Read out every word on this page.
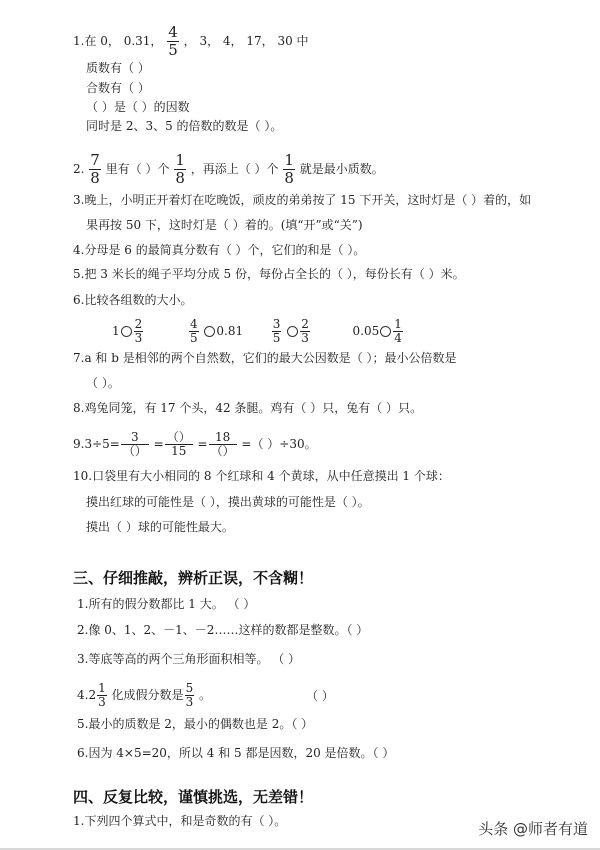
1.在 0， 0.31， $\frac{4}{5}$ ， 3， 4， 17， 30 中
质数有（ ）
合数有（ ）
（ ）是（ ）的因数
同时是 2、3、5 的倍数的数是（ ）。
2. $\frac{7}{8}$ 里有（ ）个 $\frac{1}{8}$ ，再添上（ ）个 $\frac{1}{8}$ 就是最小质数。
3.晚上，小明正开着灯在吃晚饭，顽皮的弟弟按了 15 下开关，这时灯是（ ）着的，如
果再按 50 下，这时灯是（ ）着的。(填“开”或“关”)
4.分母是 6 的最简真分数有（ ）个，它们的和是（ ）。
5.把 3 米长的绳子平均分成 5 份，每份占全长的（ ），每份长有（ ）米。
6.比较各组数的大小。
$1 \frac{2}{3}$
	$\frac{4}{5} 0.81 \frac{3}{5}$
$\frac{2}{3}$	$0.05 \frac{1}{4}$
7.a 和 b 是相邻的两个自然数，它们的最大公因数是（ ）；最小公倍数是
（ ）。
8.鸡兔同笼，有 17 个头，42 条腿。鸡有（ ）只，兔有（ ）只。
$9.3\div 5= \frac{3}{()} = \frac{()}{15} = \frac{18}{()}$ =（ ）÷30。
10.口袋里有大小相同的 8 个红球和 4 个黄球，从中任意摸出 1 个球：
摸出红球的可能性是（ ），摸出黄球的可能性是（ ）。
摸出（ ）球的可能性最大。
三、仔细推敲，辨析正误，不含糊！
1.所有的假分数都比 1 大。 （ ）
2.像 0、1、2、－1、－2……这样的数都是整数。（ ）
3.等底等高的两个三角形面积相等。 （ ）
$4.2 \frac{1}{3}$ 化成假分数是 $\frac{5}{3}$ 。	（ ）
5.最小的质数是 2，最小的偶数也是 2。（ ）
6.因为 4×5=20，所以 4 和 5 都是因数，20 是倍数。（ ）
四、反复比较，谨慎挑选，无差错！
1.下列四个算式中，和是奇数的有（ ）。	头条 @师者有道
